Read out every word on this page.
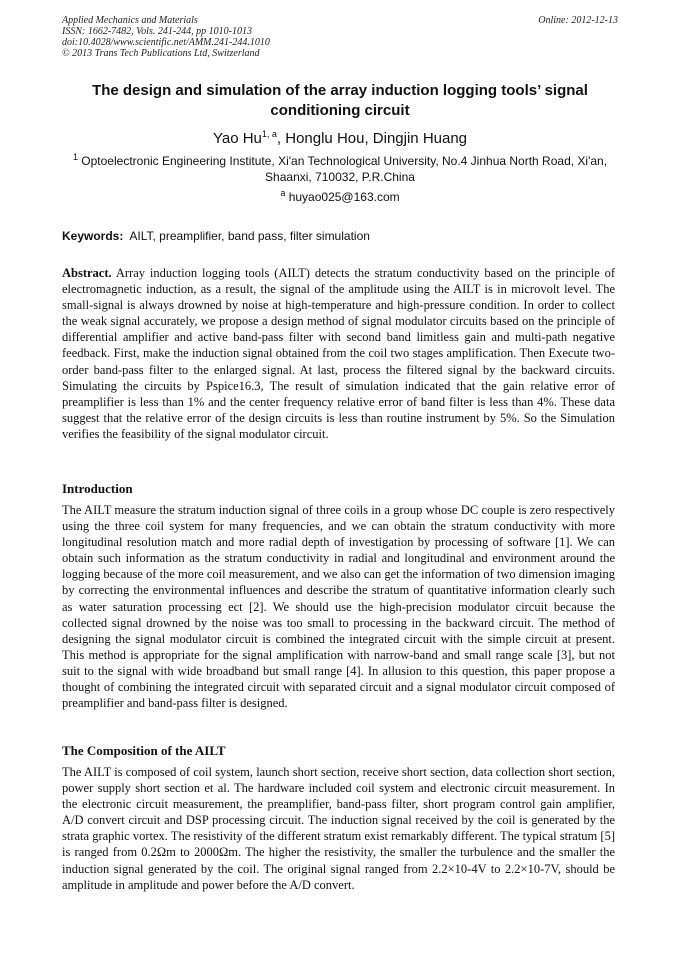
Applied Mechanics and Materials
ISSN: 1662-7482, Vols. 241-244, pp 1010-1013
doi:10.4028/www.scientific.net/AMM.241-244.1010
© 2013 Trans Tech Publications Ltd, Switzerland
Online: 2012-12-13
The design and simulation of the array induction logging tools’ signal conditioning circuit
Yao Hu$^{1, a}$, Honglu Hou, Dingjin Huang
$^1$ Optoelectronic Engineering Institute, Xi'an Technological University, No.4 Jinhua North Road, Xi'an, Shaanxi, 710032, P.R.China
$^a$ huyao025@163.com
Keywords:  AILT, preamplifier, band pass, filter simulation
Abstract. Array induction logging tools (AILT) detects the stratum conductivity based on the principle of electromagnetic induction, as a result, the signal of the amplitude using the AILT is in microvolt level. The small-signal is always drowned by noise at high-temperature and high-pressure condition. In order to collect the weak signal accurately, we propose a design method of signal modulator circuits based on the principle of differential amplifier and active band-pass filter with second band limitless gain and multi-path negative feedback. First, make the induction signal obtained from the coil two stages amplification. Then Execute two-order band-pass filter to the enlarged signal. At last, process the filtered signal by the backward circuits. Simulating the circuits by Pspice16.3, The result of simulation indicated that the gain relative error of preamplifier is less than 1% and the center frequency relative error of band filter is less than 4%. These data suggest that the relative error of the design circuits is less than routine instrument by 5%. So the Simulation verifies the feasibility of the signal modulator circuit.
Introduction
The AILT measure the stratum induction signal of three coils in a group whose DC couple is zero respectively using the three coil system for many frequencies, and we can obtain the stratum conductivity with more longitudinal resolution match and more radial depth of investigation by processing of software [1]. We can obtain such information as the stratum conductivity in radial and longitudinal and environment around the logging because of the more coil measurement, and we also can get the information of two dimension imaging by correcting the environmental influences and describe the stratum of quantitative information clearly such as water saturation processing ect [2]. We should use the high-precision modulator circuit because the collected signal drowned by the noise was too small to processing in the backward circuit. The method of designing the signal modulator circuit is combined the integrated circuit with the simple circuit at present. This method is appropriate for the signal amplification with narrow-band and small range scale [3], but not suit to the signal with wide broadband but small range [4]. In allusion to this question, this paper propose a thought of combining the integrated circuit with separated circuit and a signal modulator circuit composed of preamplifier and band-pass filter is designed.
The Composition of the AILT
The AILT is composed of coil system, launch short section, receive short section, data collection short section, power supply short section et al. The hardware included coil system and electronic circuit measurement. In the electronic circuit measurement, the preamplifier, band-pass filter, short program control gain amplifier, A/D convert circuit and DSP processing circuit. The induction signal received by the coil is generated by the strata graphic vortex. The resistivity of the different stratum exist remarkably different. The typical stratum [5] is ranged from 0.2Ωm to 2000Ωm. The higher the resistivity, the smaller the turbulence and the smaller the induction signal generated by the coil. The original signal ranged from 2.2×10-4V to 2.2×10-7V, should be amplitude in amplitude and power before the A/D convert.
